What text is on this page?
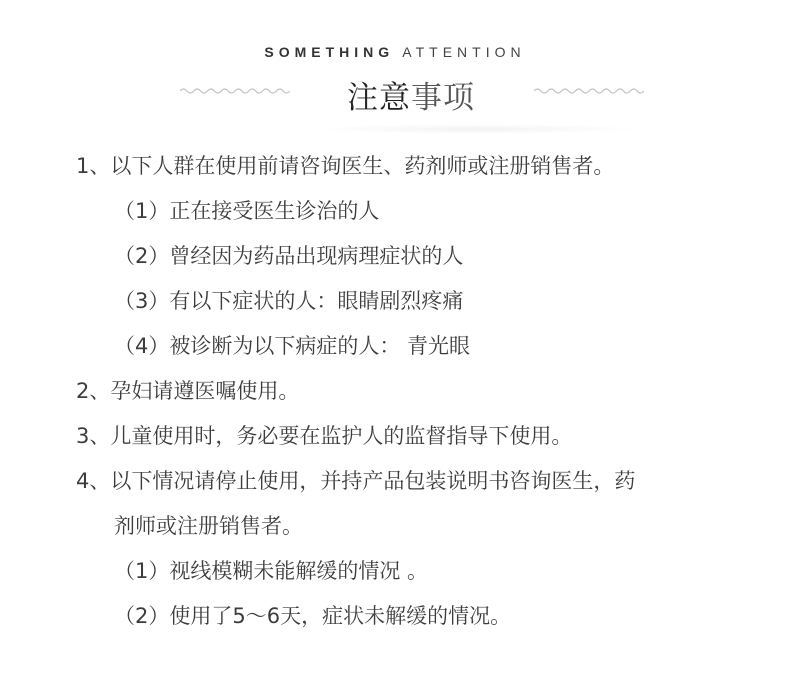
SOMETHING ATTENTION
注意事项
1、以下人群在使用前请咨询医生、药剂师或注册销售者。
（1）正在接受医生诊治的人
（2）曾经因为药品出现病理症状的人
（3）有以下症状的人：眼睛剧烈疼痛
（4）被诊断为以下病症的人： 青光眼
2、孕妇请遵医嘱使用。
3、儿童使用时，务必要在监护人的监督指导下使用。
4、以下情况请停止使用，并持产品包装说明书咨询医生，药
剂师或注册销售者。
（1）视线模糊未能解缓的情况 。
（2）使用了5～6天，症状未解缓的情况。
